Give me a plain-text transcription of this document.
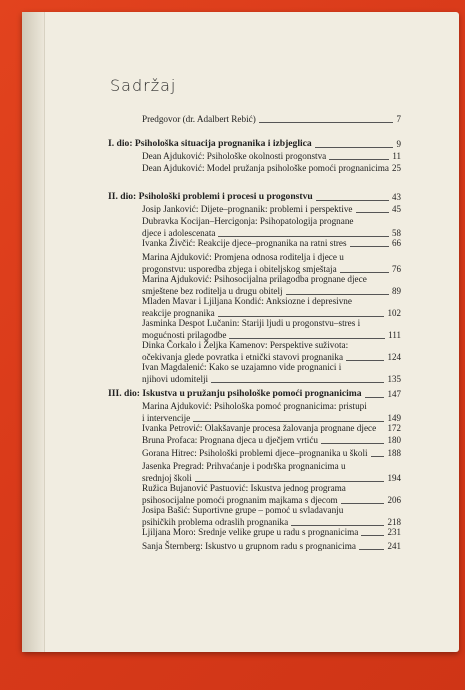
Sadržaj
Predgovor (dr. Adalbert Rebić)	7
I. dio: Psihološka situacija prognanika i izbjeglica	9
Dean Ajduković: Psihološke okolnosti progonstva	11
Dean Ajduković: Model pružanja psihološke pomoći prognanicima 25
II. dio: Psihološki problemi i procesi u progonstvu	43
Josip Janković: Dijete–prognanik: problemi i perspektive	45
Dubravka Kocijan–Hercigonja: Psihopatologija prognane
djece i adolescenata	58
Ivanka Živčić: Reakcije djece–prognanika na ratni stres	66
Marina Ajduković: Promjena odnosa roditelja i djece u
progonstvu: usporedba zbjega i obiteljskog smještaja	76
Marina Ajduković: Psihosocijalna prilagodba prognane djece
smještene bez roditelja u drugu obitelj	89
Mladen Mavar i Ljiljana Kondić: Anksiozne i depresivne
reakcije prognanika	102
Jasminka Despot Lučanin: Stariji ljudi u progonstvu–stres i
mogućnosti prilagodbe	111
Dinka Čorkalo i Željka Kamenov: Perspektive suživota:
očekivanja glede povratka i etnički stavovi prognanika	124
Ivan Magdalenić: Kako se uzajamno vide prognanici i
njihovi udomitelji	135
III. dio: Iskustva u pružanju psihološke pomoći prognanicima	147
Marina Ajduković: Psihološka pomoć prognanicima: pristupi
i intervencije	149
Ivanka Petrović: Olakšavanje procesa žalovanja prognane djece 172
Bruna Profaca: Prognana djeca u dječjem vrtiću	180
Gorana Hitrec: Psihološki problemi djece–prognanika u školi 188
Jasenka Pregrad: Prihvaćanje i podrška prognanicima u
srednjoj školi	194
Ružica Bujanović Pastuović: Iskustva jednog programa
psihosocijalne pomoći prognanim majkama s djecom	206
Josipa Bašić: Suportivne grupe – pomoć u svladavanju
psihičkih problema odraslih prognanika	218
Ljiljana Moro: Srednje velike grupe u radu s prognanicima	231
Sanja Šternberg: Iskustvo u grupnom radu s prognanicima	241
